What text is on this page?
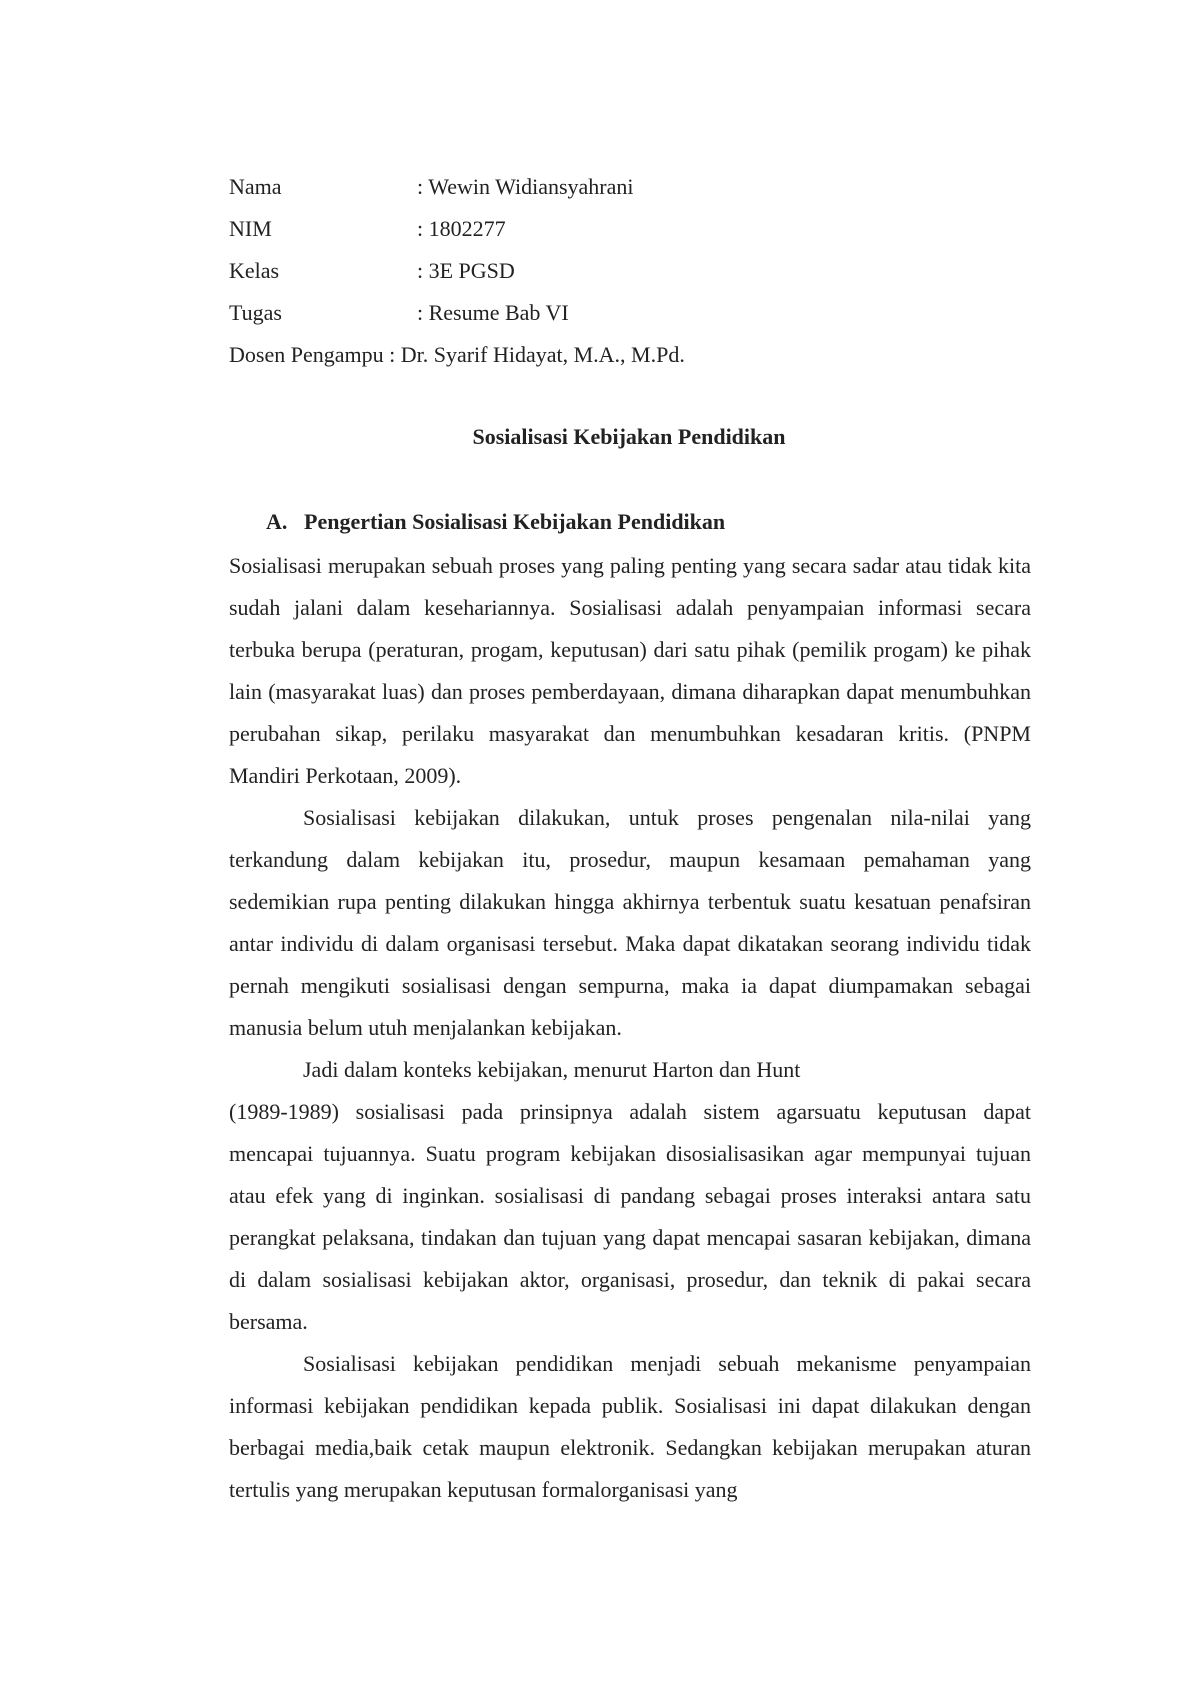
Nama	: Wewin Widiansyahrani
NIM	: 1802277
Kelas	: 3E PGSD
Tugas	: Resume Bab VI
Dosen Pengampu : Dr. Syarif Hidayat, M.A., M.Pd.
Sosialisasi Kebijakan Pendidikan
A. Pengertian Sosialisasi Kebijakan Pendidikan

Sosialisasi merupakan sebuah proses yang paling penting yang secara sadar atau tidak kita sudah jalani dalam kesehariannya. Sosialisasi adalah penyampaian informasi secara terbuka berupa (peraturan, progam, keputusan) dari satu pihak (pemilik progam) ke pihak lain (masyarakat luas) dan proses pemberdayaan, dimana diharapkan dapat menumbuhkan perubahan sikap, perilaku masyarakat dan menumbuhkan kesadaran kritis. (PNPM Mandiri Perkotaan, 2009).

Sosialisasi kebijakan dilakukan, untuk proses pengenalan nila-nilai yang terkandung dalam kebijakan itu, prosedur, maupun kesamaan pemahaman yang sedemikian rupa penting dilakukan hingga akhirnya terbentuk suatu kesatuan penafsiran antar individu di dalam organisasi tersebut. Maka dapat dikatakan seorang individu tidak pernah mengikuti sosialisasi dengan sempurna, maka ia dapat diumpamakan sebagai manusia belum utuh menjalankan kebijakan.

Jadi dalam konteks kebijakan, menurut Harton dan Hunt

(1989-1989) sosialisasi pada prinsipnya adalah sistem agarsuatu keputusan dapat mencapai tujuannya. Suatu program kebijakan disosialisasikan agar mempunyai tujuan atau efek yang di inginkan. sosialisasi di pandang sebagai proses interaksi antara satu perangkat pelaksana, tindakan dan tujuan yang dapat mencapai sasaran kebijakan, dimana di dalam sosialisasi kebijakan aktor, organisasi, prosedur, dan teknik di pakai secara bersama.

Sosialisasi kebijakan pendidikan menjadi sebuah mekanisme penyampaian informasi kebijakan pendidikan kepada publik. Sosialisasi ini dapat dilakukan dengan berbagai media,baik cetak maupun elektronik. Sedangkan kebijakan merupakan aturan tertulis yang merupakan keputusan formalorganisasi yang
